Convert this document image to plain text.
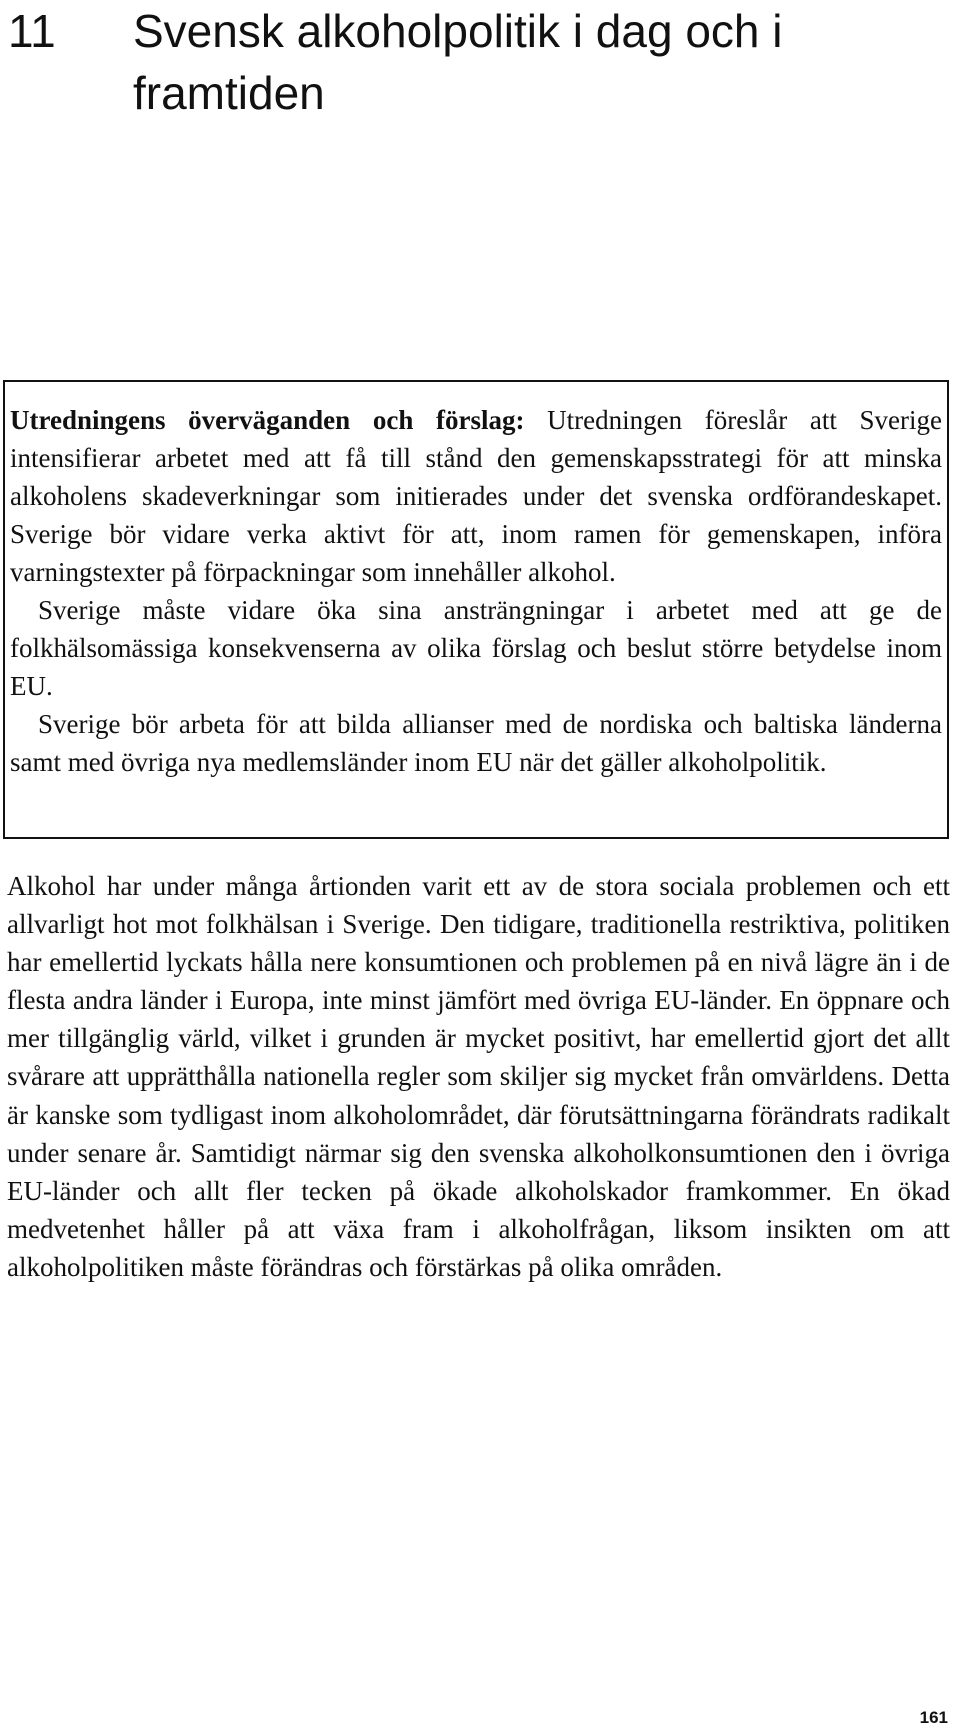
11 Svensk alkoholpolitik i dag och i framtiden

Utredningens överväganden och förslag: Utredningen föreslår att Sverige intensifierar arbetet med att få till stånd den gemenskapsstrategi för att minska alkoholens skadeverkningar som initierades under det svenska ordförandeskapet. Sverige bör vidare verka aktivt för att, inom ramen för gemenskapen, införa varningstexter på förpackningar som innehåller alkohol.

Sverige måste vidare öka sina ansträngningar i arbetet med att ge de folkhälsomässiga konsekvenserna av olika förslag och beslut större betydelse inom EU.

Sverige bör arbeta för att bilda allianser med de nordiska och baltiska länderna samt med övriga nya medlemsländer inom EU när det gäller alkoholpolitik.

Alkohol har under många årtionden varit ett av de stora sociala problemen och ett allvarligt hot mot folkhälsan i Sverige. Den tidigare, traditionella restriktiva, politiken har emellertid lyckats hålla nere konsumtionen och problemen på en nivå lägre än i de flesta andra länder i Europa, inte minst jämfört med övriga EU-länder. En öppnare och mer tillgänglig värld, vilket i grunden är mycket positivt, har emellertid gjort det allt svårare att upprätthålla nationella regler som skiljer sig mycket från omvärldens. Detta är kanske som tydligast inom alkoholområdet, där förutsättningarna förändrats radikalt under senare år. Samtidigt närmar sig den svenska alkoholkonsumtionen den i övriga EU-länder och allt fler tecken på ökade alkoholskador framkommer. En ökad medvetenhet håller på att växa fram i alkoholfrågan, liksom insikten om att alkoholpolitiken måste förändras och förstärkas på olika områden.

161
